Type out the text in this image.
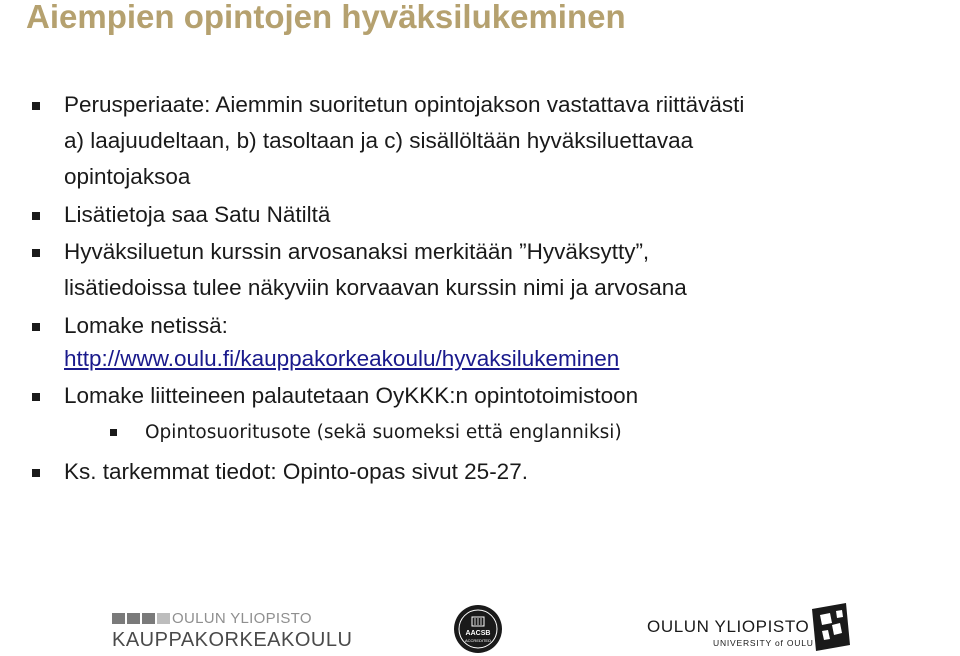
Aiempien opintojen hyväksilukeminen
Perusperiaate: Aiemmin suoritetun opintojakson vastattava riittävästi
a) laajuudeltaan, b) tasoltaan ja c) sisällöltään hyväksiluettavaa
opintojaksoa
Lisätietoja saa Satu Nätiltä
Hyväksiluetun kurssin arvosanaksi merkitään ”Hyväksytty”,
lisätiedoissa tulee näkyviin korvaavan kurssin nimi ja arvosana
Lomake netissä:
http://www.oulu.fi/kauppakorkeakoulu/hyvaksilukeminen
Lomake liitteineen palautetaan OyKKK:n opintotoimistoon
Opintosuoritusote (sekä suomeksi että englanniksi)
Ks. tarkemmat tiedot: Opinto-opas sivut 25-27.
OULUN YLIOPISTO
KAUPPAKORKEAKOULU	AACSB
ACCREDITED
OULUN YLIOPISTO
UNIVERSITY of OULU
